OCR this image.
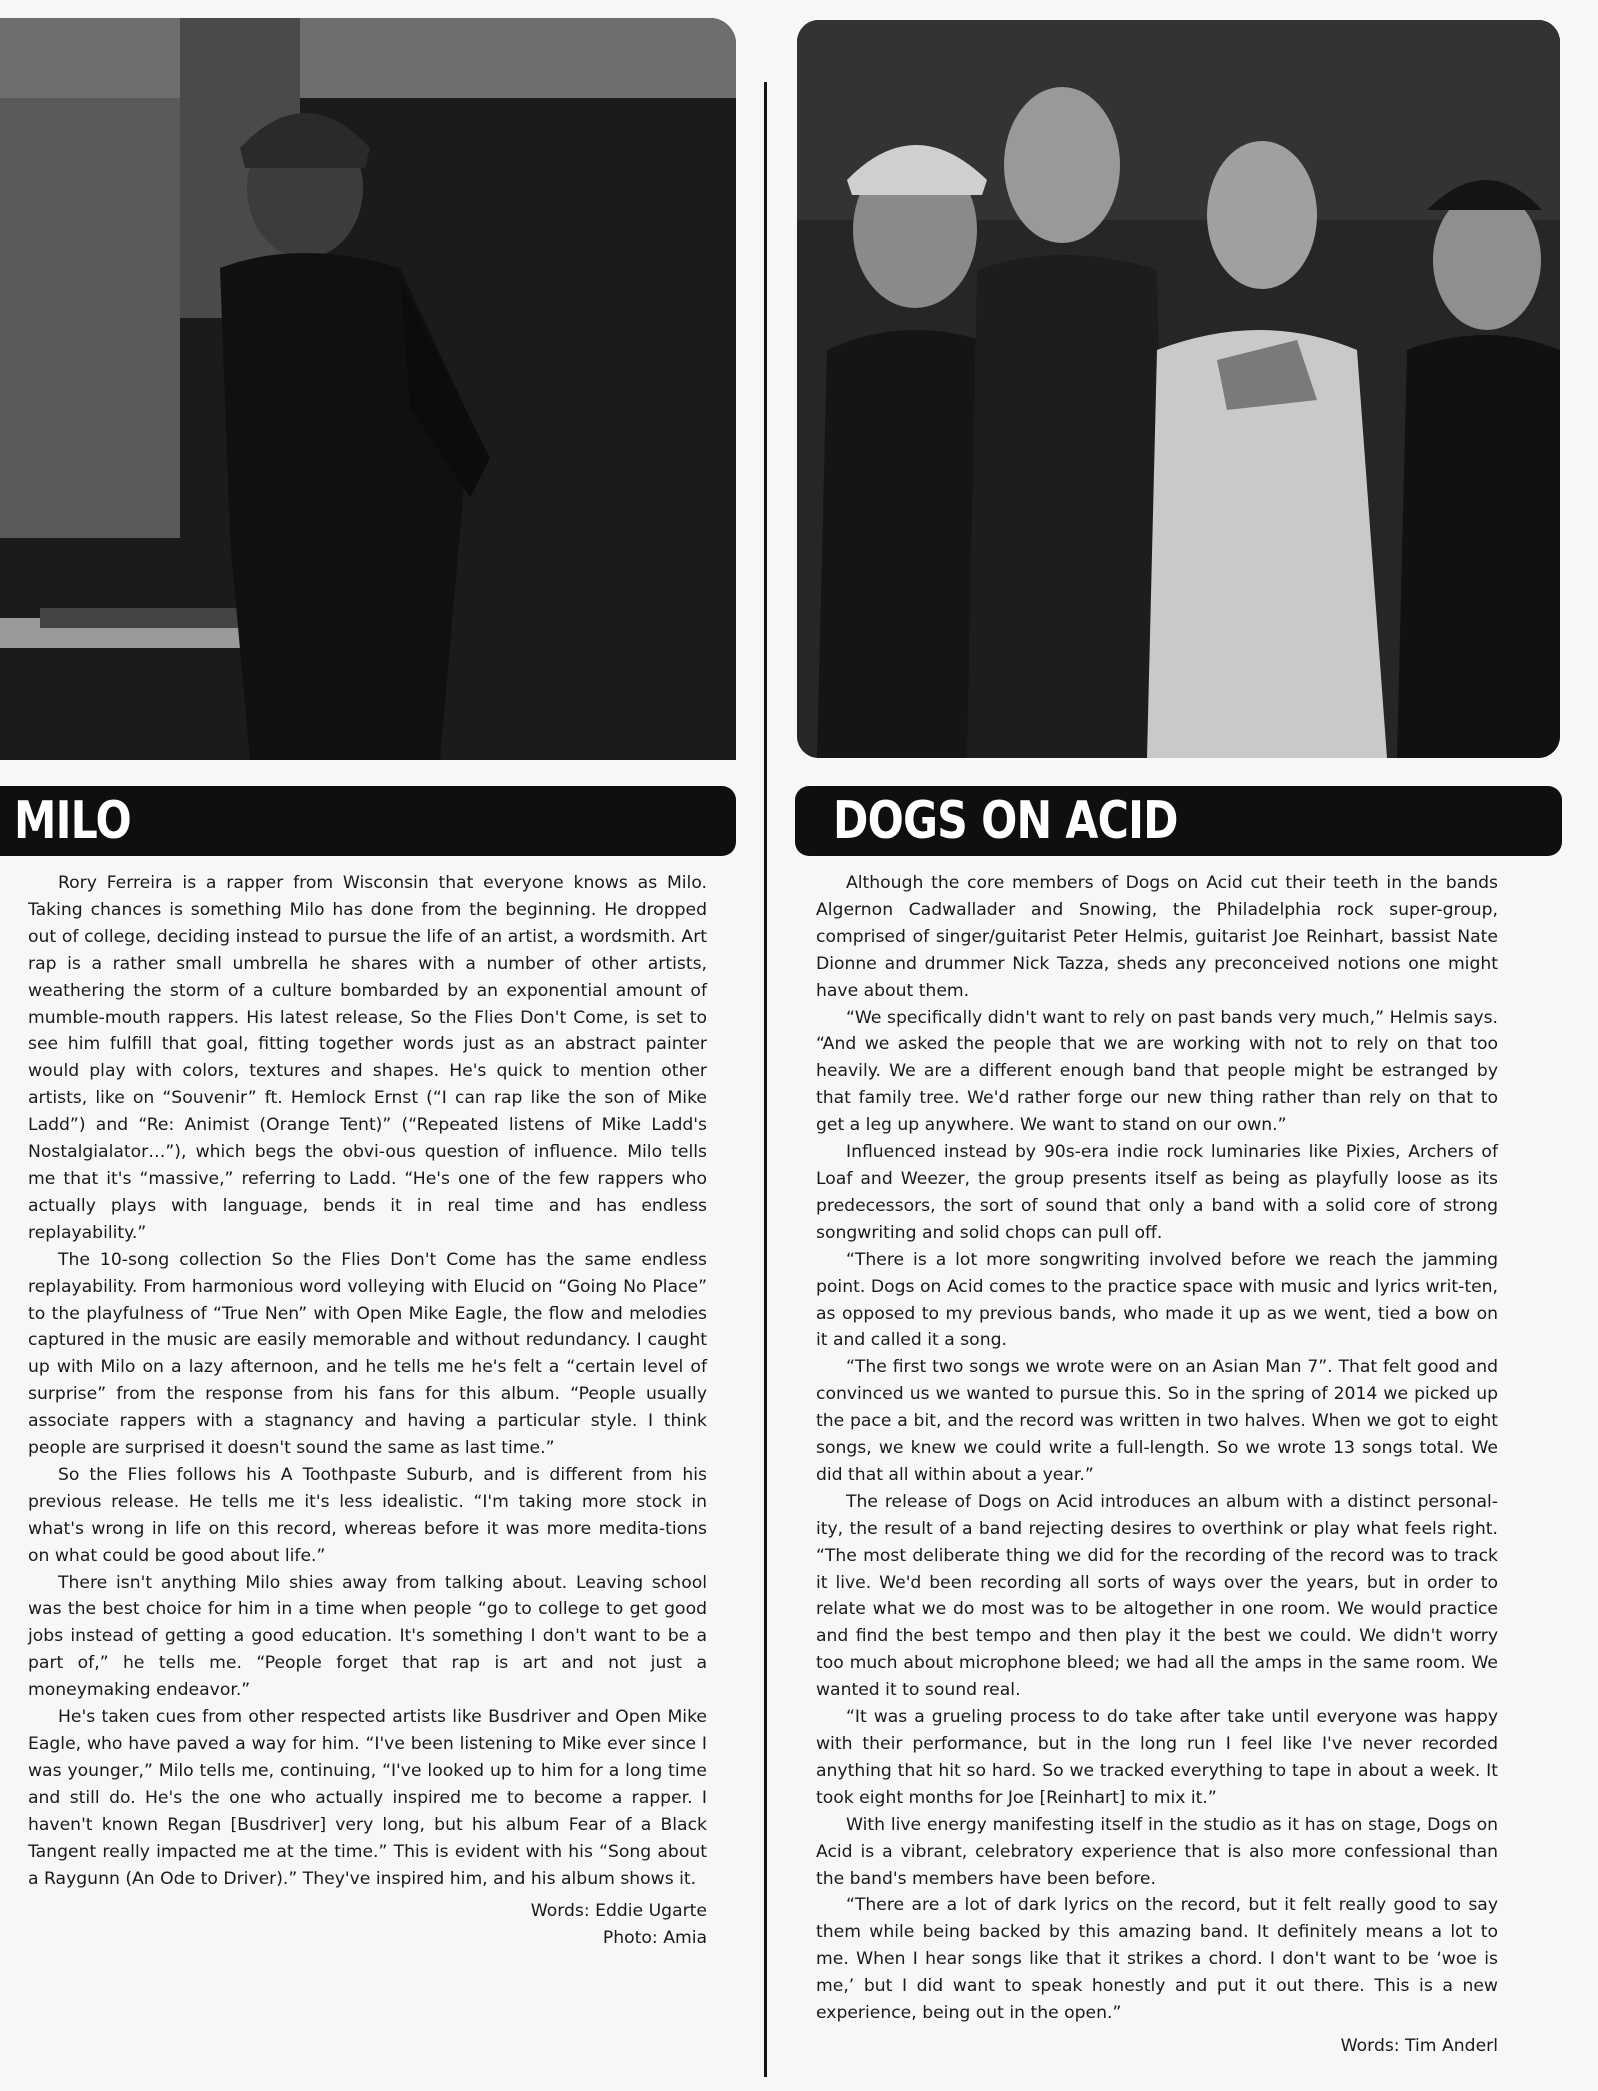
MILO	DOGS ON ACID

Rory Ferreira is a rapper from Wisconsin that everyone knows as Milo. Taking chances is something Milo has done from the beginning. He dropped out of college, deciding instead to pursue the life of an artist, a wordsmith. Art rap is a rather small umbrella he shares with a number of other artists, weathering the storm of a culture bombarded by an exponential amount of mumble-mouth rappers. His latest release, So the Flies Don't Come, is set to see him fulfill that goal, fitting together words just as an abstract painter would play with colors, textures and shapes. He's quick to mention other artists, like on “Souvenir” ft. Hemlock Ernst (“I can rap like the son of Mike Ladd”) and “Re: Animist (Orange Tent)” (“Repeated listens of Mike Ladd's Nostalgialator…”), which begs the obvi-ous question of influence. Milo tells me that it's “massive,” referring to Ladd. “He's one of the few rappers who actually plays with language, bends it in real time and has endless replayability.”

The 10-song collection So the Flies Don't Come has the same endless replayability. From harmonious word volleying with Elucid on “Going No Place” to the playfulness of “True Nen” with Open Mike Eagle, the flow and melodies captured in the music are easily memorable and without redundancy. I caught up with Milo on a lazy afternoon, and he tells me he's felt a “certain level of surprise” from the response from his fans for this album. “People usually associate rappers with a stagnancy and having a particular style. I think people are surprised it doesn't sound the same as last time.”

So the Flies follows his A Toothpaste Suburb, and is different from his previous release. He tells me it's less idealistic. “I'm taking more stock in what's wrong in life on this record, whereas before it was more medita-tions on what could be good about life.”

There isn't anything Milo shies away from talking about. Leaving school was the best choice for him in a time when people “go to college to get good jobs instead of getting a good education. It's something I don't want to be a part of,” he tells me. “People forget that rap is art and not just a moneymaking endeavor.”

He's taken cues from other respected artists like Busdriver and Open Mike Eagle, who have paved a way for him. “I've been listening to Mike ever since I was younger,” Milo tells me, continuing, “I've looked up to him for a long time and still do. He's the one who actually inspired me to become a rapper. I haven't known Regan [Busdriver] very long, but his album Fear of a Black Tangent really impacted me at the time.” This is evident with his “Song about a Raygunn (An Ode to Driver).” They've inspired him, and his album shows it.

Words: Eddie Ugarte
Photo: Amia

Although the core members of Dogs on Acid cut their teeth in the bands Algernon Cadwallader and Snowing, the Philadelphia rock super-group, comprised of singer/guitarist Peter Helmis, guitarist Joe Reinhart, bassist Nate Dionne and drummer Nick Tazza, sheds any preconceived notions one might have about them.

“We specifically didn't want to rely on past bands very much,” Helmis says. “And we asked the people that we are working with not to rely on that too heavily. We are a different enough band that people might be estranged by that family tree. We'd rather forge our new thing rather than rely on that to get a leg up anywhere. We want to stand on our own.”

Influenced instead by 90s-era indie rock luminaries like Pixies, Archers of Loaf and Weezer, the group presents itself as being as playfully loose as its predecessors, the sort of sound that only a band with a solid core of strong songwriting and solid chops can pull off.

“There is a lot more songwriting involved before we reach the jamming point. Dogs on Acid comes to the practice space with music and lyrics writ-ten, as opposed to my previous bands, who made it up as we went, tied a bow on it and called it a song.

“The first two songs we wrote were on an Asian Man 7”. That felt good and convinced us we wanted to pursue this. So in the spring of 2014 we picked up the pace a bit, and the record was written in two halves. When we got to eight songs, we knew we could write a full-length. So we wrote 13 songs total. We did that all within about a year.”

The release of Dogs on Acid introduces an album with a distinct personal-ity, the result of a band rejecting desires to overthink or play what feels right. “The most deliberate thing we did for the recording of the record was to track it live. We'd been recording all sorts of ways over the years, but in order to relate what we do most was to be altogether in one room. We would practice and find the best tempo and then play it the best we could. We didn't worry too much about microphone bleed; we had all the amps in the same room. We wanted it to sound real.

“It was a grueling process to do take after take until everyone was happy with their performance, but in the long run I feel like I've never recorded anything that hit so hard. So we tracked everything to tape in about a week. It took eight months for Joe [Reinhart] to mix it.”

With live energy manifesting itself in the studio as it has on stage, Dogs on Acid is a vibrant, celebratory experience that is also more confessional than the band's members have been before.

“There are a lot of dark lyrics on the record, but it felt really good to say them while being backed by this amazing band. It definitely means a lot to me. When I hear songs like that it strikes a chord. I don't want to be ‘woe is me,’ but I did want to speak honestly and put it out there. This is a new experience, being out in the open.”

Words: Tim Anderl
